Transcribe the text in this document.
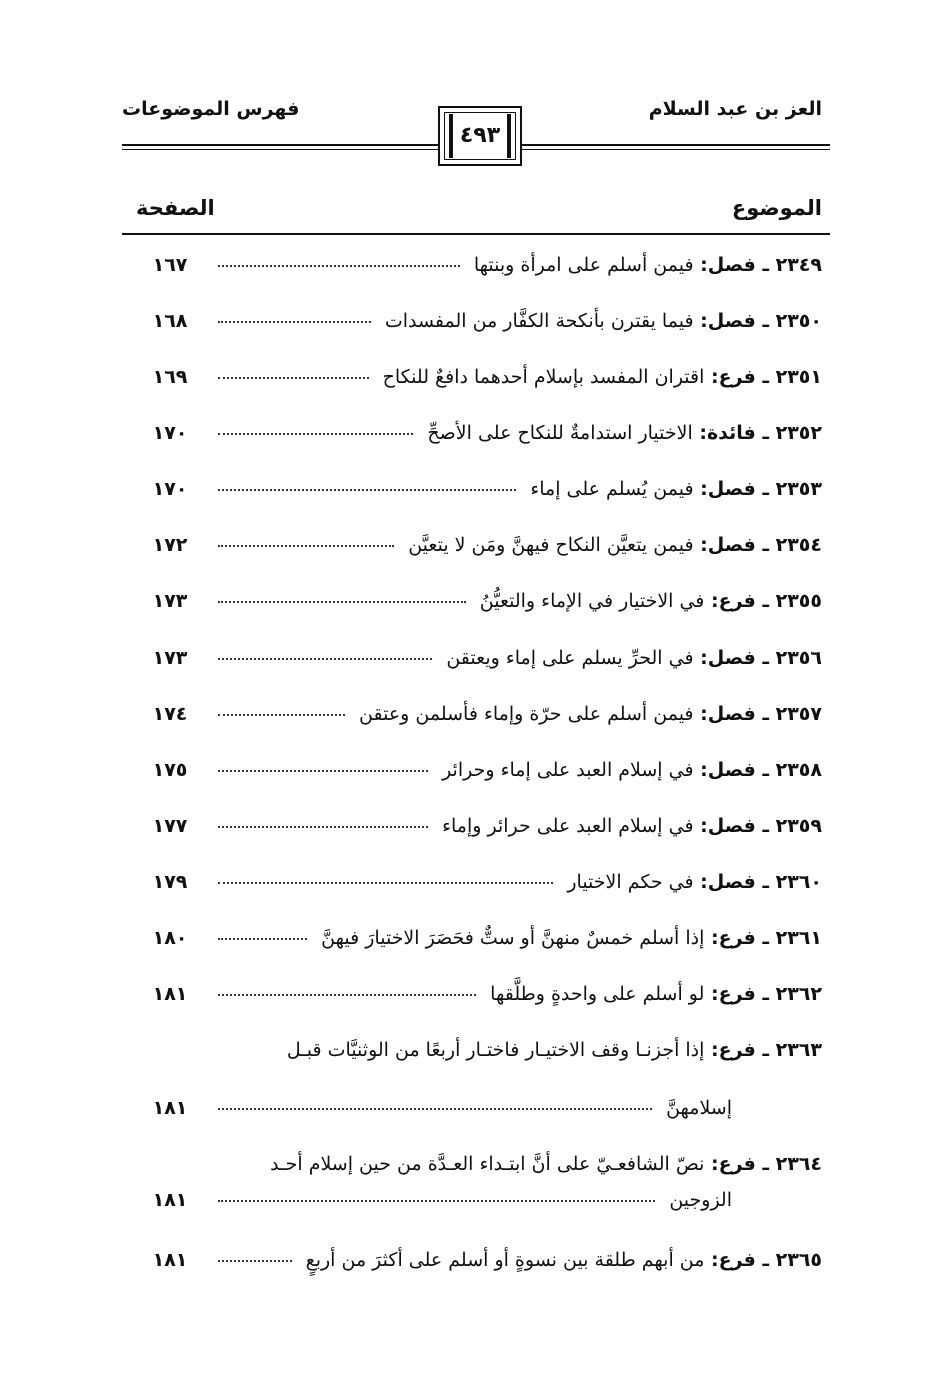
العز بن عبد السلام
فهرس الموضوعات
٤٩٣
الموضوع
الصفحة
٢٣٤٩ ـ فصل: فيمن أسلم على امرأة وبنتها
١٦٧
٢٣٥٠ ـ فصل: فيما يقترن بأنكحة الكفَّار من المفسدات
١٦٨
٢٣٥١ ـ فرع: اقتران المفسد بإسلام أحدهما دافعٌ للنكاح
١٦٩
٢٣٥٢ ـ فائدة: الاختيار استدامةٌ للنكاح على الأصحِّ
١٧٠
٢٣٥٣ ـ فصل: فيمن يُسلم على إماء
١٧٠
٢٣٥٤ ـ فصل: فيمن يتعيَّن النكاح فيهنَّ ومَن لا يتعيَّن
١٧٢
٢٣٥٥ ـ فرع: في الاختيار في الإماء والتعيُّنُ
١٧٣
٢٣٥٦ ـ فصل: في الحرِّ يسلم على إماء ويعتقن
١٧٣
٢٣٥٧ ـ فصل: فيمن أسلم على حرّة وإماء فأسلمن وعتقن
١٧٤
٢٣٥٨ ـ فصل: في إسلام العبد على إماء وحرائر
١٧٥
٢٣٥٩ ـ فصل: في إسلام العبد على حرائر وإماء
١٧٧
٢٣٦٠ ـ فصل: في حكم الاختيار
١٧٩
٢٣٦١ ـ فرع: إذا أسلم خمسٌ منهنَّ أو ستٌّ فحَصَرَ الاختيارَ فيهنَّ
١٨٠
٢٣٦٢ ـ فرع: لو أسلم على واحدةٍ وطلَّقها
١٨١
٢٣٦٣ ـ فرع: إذا أجزنـا وقف الاختيـار فاختـار أربعًا من الوثنيَّات قبـل
إسلامهنَّ
١٨١
٢٣٦٤ ـ فرع: نصّ الشافعـيّ على أنَّ ابتـداء العـدَّة من حين إسلام أحـد
الزوجين
١٨١
٢٣٦٥ ـ فرع: من أبهم طلقة بين نسوةٍ أو أسلم على أكثرَ من أربعٍ
١٨١
